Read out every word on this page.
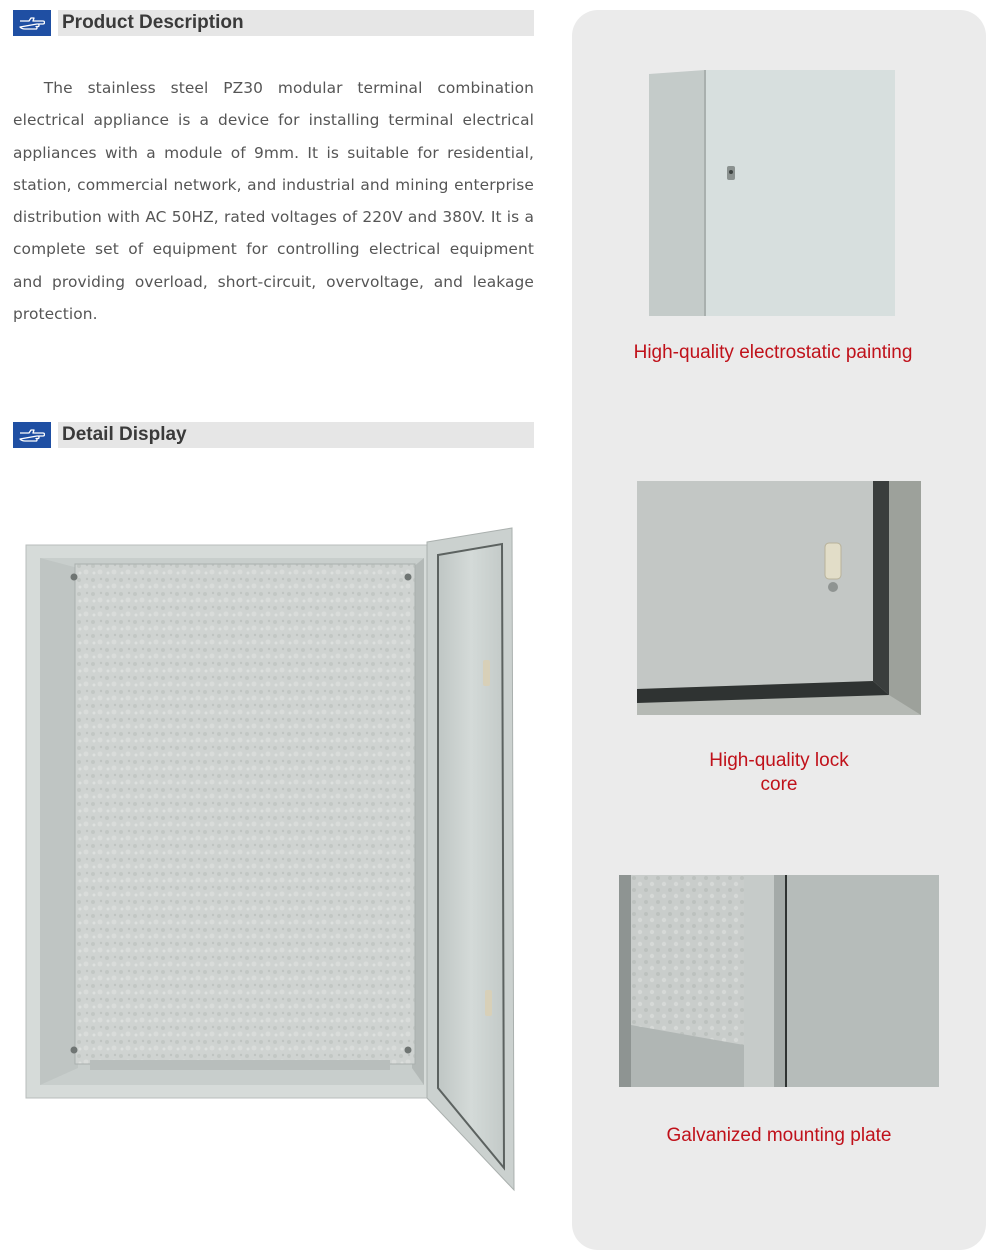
Product Description

The stainless steel PZ30 modular terminal combination electrical appliance is a device for installing terminal electrical appliances with a module of 9mm. It is suitable for residential, station, commercial network, and industrial and mining enterprise distribution with AC 50HZ, rated voltages of 220V and 380V. It is a complete set of equipment for controlling electrical equipment and providing overload, short-circuit, overvoltage, and leakage protection.

Detail Display
High-quality electrostatic painting
High-quality lock
core
Galvanized mounting plate
